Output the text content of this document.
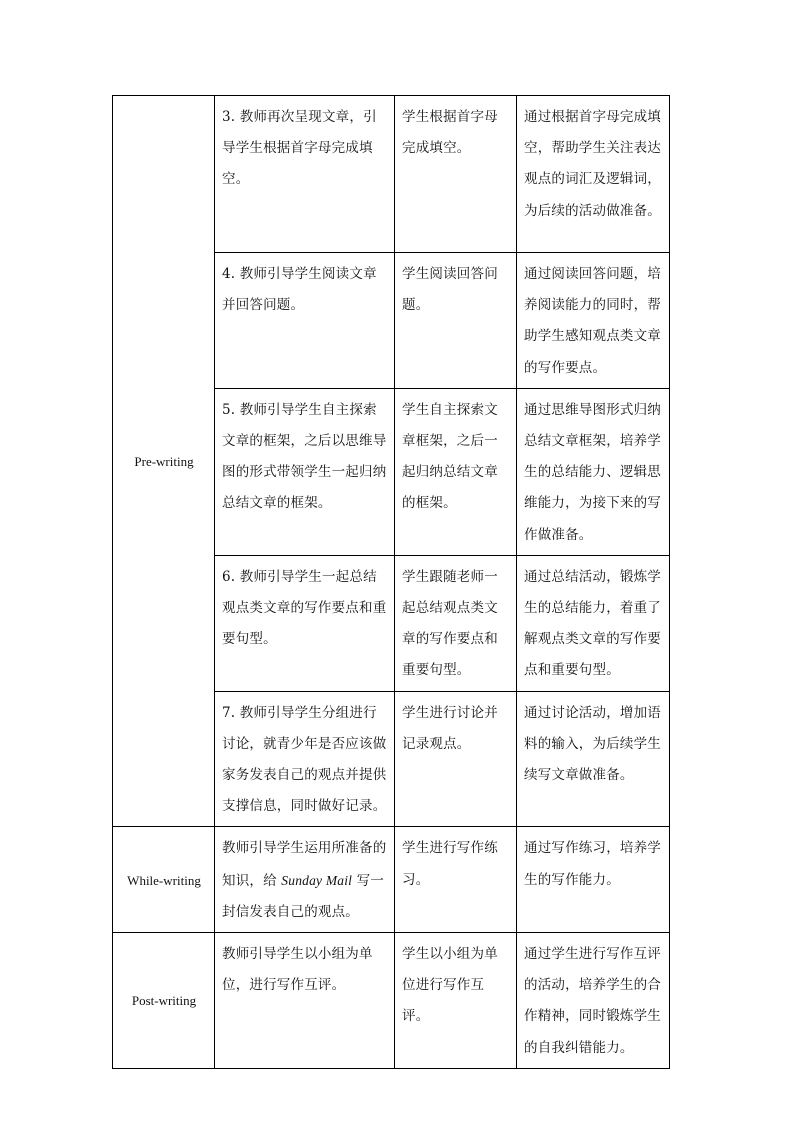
Pre-writing	3. 教师再次呈现文章，引导学生根据首字母完成填空。	学生根据首字母完成填空。	通过根据首字母完成填空，帮助学生关注表达观点的词汇及逻辑词，为后续的活动做准备。

	4. 教师引导学生阅读文章并回答问题。	学生阅读回答问题。	通过阅读回答问题，培养阅读能力的同时，帮助学生感知观点类文章的写作要点。

	5. 教师引导学生自主探索文章的框架，之后以思维导图的形式带领学生一起归纳总结文章的框架。	学生自主探索文章框架，之后一起归纳总结文章的框架。	通过思维导图形式归纳总结文章框架，培养学生的总结能力、逻辑思维能力，为接下来的写作做准备。

	6. 教师引导学生一起总结观点类文章的写作要点和重要句型。	学生跟随老师一起总结观点类文章的写作要点和重要句型。	通过总结活动，锻炼学生的总结能力，着重了解观点类文章的写作要点和重要句型。

	7. 教师引导学生分组进行讨论，就青少年是否应该做家务发表自己的观点并提供支撑信息，同时做好记录。	学生进行讨论并记录观点。	通过讨论活动，增加语料的输入，为后续学生续写文章做准备。

While-writing	教师引导学生运用所准备的知识，给 Sunday Mail 写一封信发表自己的观点。	学生进行写作练习。	通过写作练习，培养学生的写作能力。

Post-writing	教师引导学生以小组为单位，进行写作互评。	学生以小组为单位进行写作互评。	通过学生进行写作互评的活动，培养学生的合作精神，同时锻炼学生的自我纠错能力。
